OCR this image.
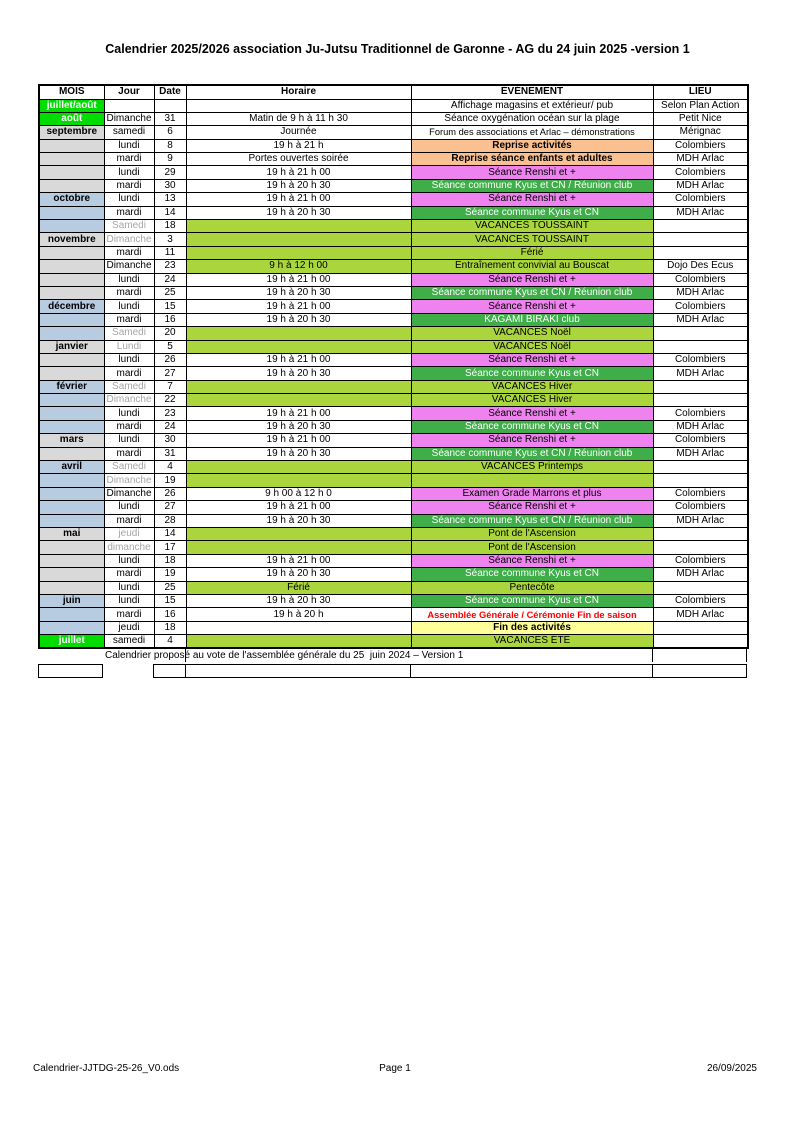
Calendrier 2025/2026 association Ju-Jutsu Traditionnel de Garonne - AG du 24 juin 2025 -version 1
MOIS	Jour	Date	Horaire	ÉVÉNEMENT	LIEU
juillet/août				Affichage magasins et extérieur/ pub	Selon Plan Action
août	Dimanche	31	Matin de 9 h à 11 h 30	Séance oxygénation océan sur la plage	Petit Nice
septembre	samedi	6	Journée	Forum des associations et Arlac – démonstrations	Mérignac
	lundi	8	19 h à 21 h	Reprise activités	Colombiers
	mardi	9	Portes ouvertes soirée	Reprise séance enfants et adultes	MDH Arlac
	lundi	29	19 h à 21 h 00	Séance Renshi et +	Colombiers
	mardi	30	19 h à 20 h 30	Séance commune Kyus et CN / Réunion club	MDH Arlac
octobre	lundi	13	19 h à 21 h 00	Séance Renshi et +	Colombiers
	mardi	14	19 h à 20 h 30	Séance commune Kyus et CN	MDH Arlac
	Samedi	18		VACANCES TOUSSAINT	
novembre	Dimanche	3		VACANCES TOUSSAINT	
	mardi	11		Férié	
	Dimanche	23	9 h à 12 h 00	Entraînement convivial au Bouscat	Dojo Des Ecus
	lundi	24	19 h à 21 h 00	Séance Renshi et +	Colombiers
	mardi	25	19 h à 20 h 30	Séance commune Kyus et CN / Réunion club	MDH Arlac
décembre	lundi	15	19 h à 21 h 00	Séance Renshi et +	Colombiers
	mardi	16	19 h à 20 h 30	KAGAMI BIRAKI club	MDH Arlac
	Samedi	20		VACANCES Noël	
janvier	Lundi	5		VACANCES Noël	
	lundi	26	19 h à 21 h 00	Séance Renshi et +	Colombiers
	mardi	27	19 h à 20 h 30	Séance commune Kyus et CN	MDH Arlac
février	Samedi	7		VACANCES Hiver	
	Dimanche	22		VACANCES Hiver	
	lundi	23	19 h à 21 h 00	Séance Renshi et +	Colombiers
	mardi	24	19 h à 20 h 30	Séance commune Kyus et CN	MDH Arlac
mars	lundi	30	19 h à 21 h 00	Séance Renshi et +	Colombiers
	mardi	31	19 h à 20 h 30	Séance commune Kyus et CN / Réunion club	MDH Arlac
avril	Samedi	4		VACANCES Printemps	
	Dimanche	19			
	Dimanche	26	9 h 00 à 12 h 0	Examen Grade Marrons et plus	Colombiers
	lundi	27	19 h à 21 h 00	Séance Renshi et +	Colombiers
	mardi	28	19 h à 20 h 30	Séance commune Kyus et CN / Réunion club	MDH Arlac
mai	jeudi	14		Pont de l'Ascension	
	dimanche	17		Pont de l'Ascension	
	lundi	18	19 h à 21 h 00	Séance Renshi et +	Colombiers
	mardi	19	19 h à 20 h 30	Séance commune Kyus et CN	MDH Arlac
	lundi	25	Férié	Pentecôte	
juin	lundi	15	19 h à 20 h 30	Séance commune Kyus et CN	Colombiers
	mardi	16	19 h à 20 h	Assemblée Générale / Cérémonie Fin de saison	MDH Arlac
	jeudi	18		Fin des activités	
juillet	samedi	4		VACANCES ÉTÉ	
Calendrier proposé au vote de l'assemblée générale du 25  juin 2024 – Version 1
Calendrier-JJTDG-25-26_V0.ods	Page 1	26/09/2025
